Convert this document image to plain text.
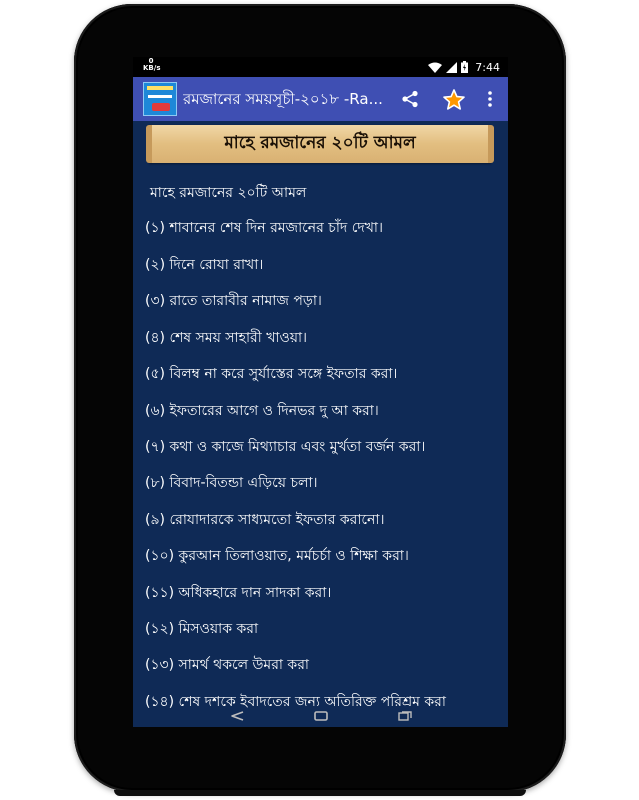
0
KB/s	7:44
রমজানের সময়সূচী-২০১৮ -Ra...
মাহে রমজানের ২০টি আমল
মাহে রমজানের ২০টি আমল
(১) শাবানের শেষ দিন রমজানের চাঁদ দেখা।
(২) দিনে রোযা রাখা।
(৩) রাতে তারাবীর নামাজ পড়া।
(৪) শেষ সময় সাহারী খাওয়া।
(৫) বিলম্ব না করে সুর্যাস্তের সঙ্গে ইফতার করা।
(৬) ইফতারের আগে ও দিনভর দু আ করা।
(৭) কথা ও কাজে মিথ্যাচার এবং মুর্খতা বর্জন করা।
(৮) বিবাদ-বিতন্ডা এড়িয়ে চলা।
(৯) রোযাদারকে সাধ্যমতো ইফতার করানো।
(১০) কুরআন তিলাওয়াত, মর্মচর্চা ও শিক্ষা করা।
(১১) অধিকহারে দান সাদকা করা।
(১২) মিসওয়াক করা
(১৩) সামর্থ থকলে উমরা করা
(১৪) শেষ দশকে ইবাদতের জন্য অতিরিক্ত পরিশ্রম করা
